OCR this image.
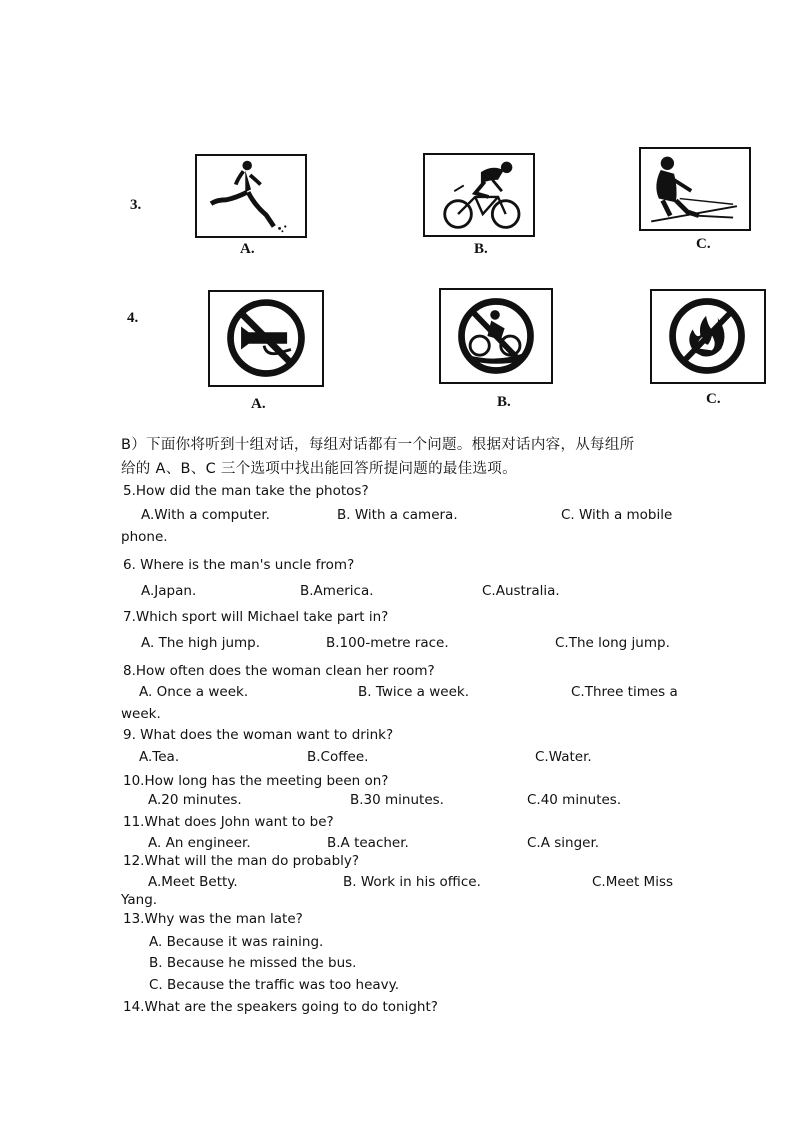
3.
A.	B.	C.
4.
A.	B.	C.
B）下面你将听到十组对话，每组对话都有一个问题。根据对话内容，从每组所
给的 A、B、C 三个选项中找出能回答所提问题的最佳选项。
5.How did the man take the photos?
A.With a computer.	B. With a camera.	C. With a mobile
phone.
6. Where is the man's uncle from?
A.Japan.	B.America.	C.Australia.
7.Which sport will Michael take part in?
A. The high jump.	B.100-metre race.	C.The long jump.
8.How often does the woman clean her room?
A. Once a week.	B. Twice a week.	C.Three times a
week.
9. What does the woman want to drink?
A.Tea.	B.Coffee.	C.Water.
10.How long has the meeting been on?
A.20 minutes.	B.30 minutes.	C.40 minutes.
11.What does John want to be?
A. An engineer.	B.A teacher.	C.A singer.
12.What will the man do probably?
A.Meet Betty.	B. Work in his office.	C.Meet Miss
Yang.
13.Why was the man late?
A. Because it was raining.
B. Because he missed the bus.
C. Because the traffic was too heavy.
14.What are the speakers going to do tonight?
